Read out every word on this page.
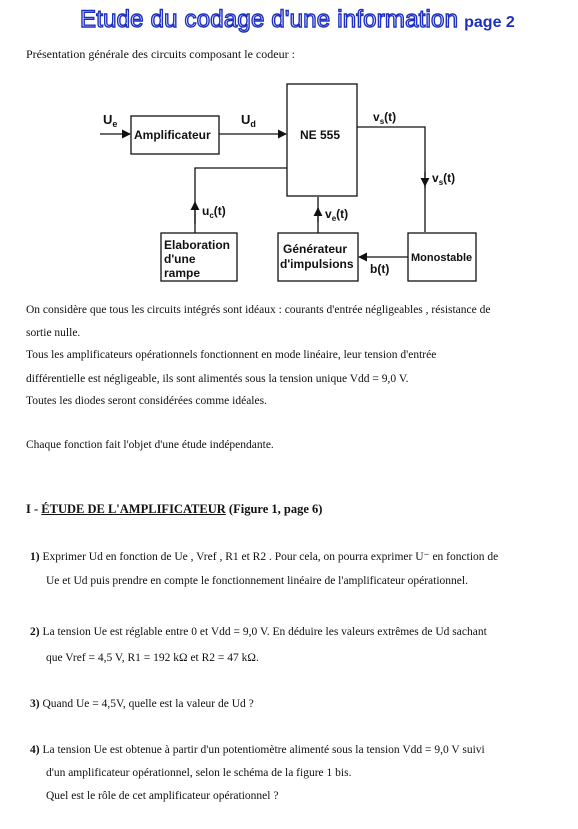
Etude du codage d'une information page 2
Présentation générale des circuits composant le codeur :
$U_e$
Amplificateur
$U_d$
NE 555
$v_s(t)$
$v_s(t)$
$u_c(t)$	$v_e(t)$
b(t)
Elaboration
d'une
rampe
Générateur
d'impulsions	Monostable
On considère que tous les circuits intégrés sont idéaux : courants d'entrée négligeables , résistance de
sortie nulle.
Tous les amplificateurs opérationnels fonctionnent en mode linéaire, leur tension d'entrée
différentielle est négligeable, ils sont alimentés sous la tension unique Vdd = 9,0 V.
Toutes les diodes seront considérées comme idéales.
Chaque fonction fait l'objet d'une étude indépendante.
I - ÉTUDE DE L'AMPLIFICATEUR (Figure 1, page 6)
1) Exprimer Ud en fonction de Ue , Vref , R1 et R2 . Pour cela, on pourra exprimer U⁻ en fonction de
Ue et Ud puis prendre en compte le fonctionnement linéaire de l'amplificateur opérationnel.
2) La tension Ue est réglable entre 0 et Vdd = 9,0 V. En déduire les valeurs extrêmes de Ud sachant
que Vref = 4,5 V, R1 = 192 kΩ et R2 = 47 kΩ.
3) Quand Ue = 4,5V, quelle est la valeur de Ud ?
4) La tension Ue est obtenue à partir d'un potentiomètre alimenté sous la tension Vdd = 9,0 V suivi
d'un amplificateur opérationnel, selon le schéma de la figure 1 bis.
Quel est le rôle de cet amplificateur opérationnel ?
